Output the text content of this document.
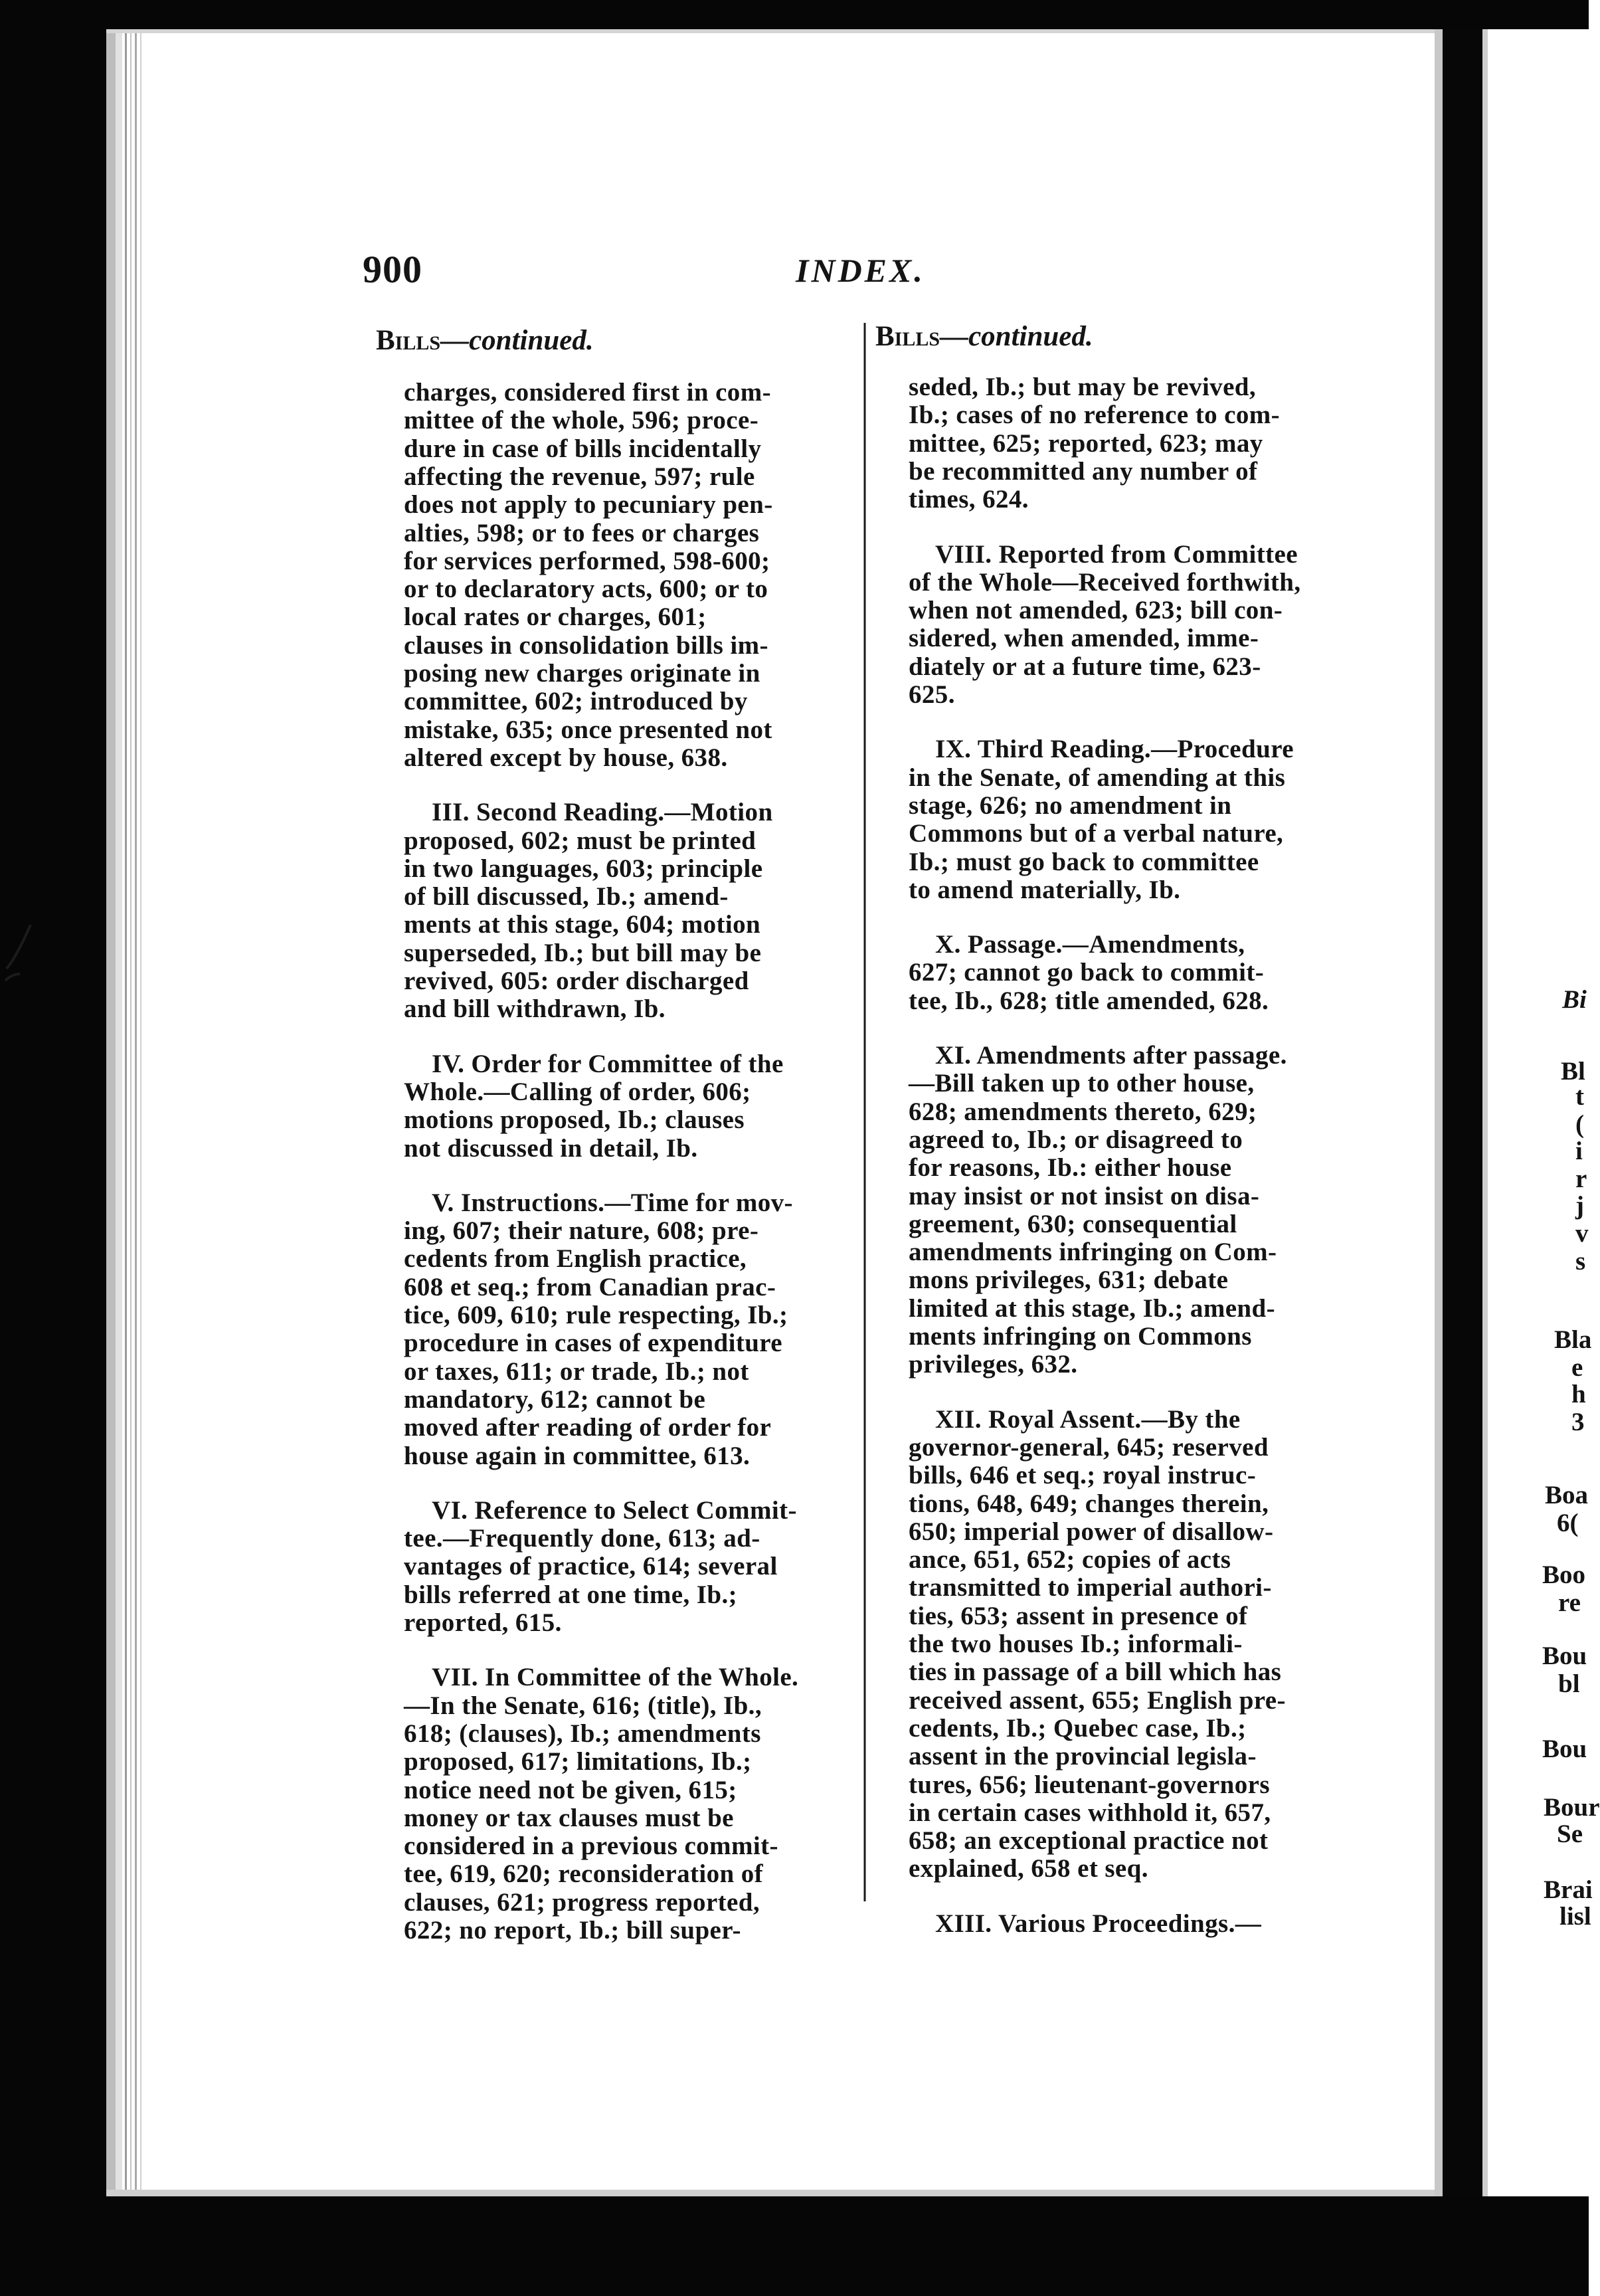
900	INDEX.
Bills—continued.	Bills—continued.
charges, considered first in com-
mittee of the whole, 596; proce-
dure in case of bills incidentally
affecting the revenue, 597; rule
does not apply to pecuniary pen-
alties, 598; or to fees or charges
for services performed, 598-600;
or to declaratory acts, 600; or to
local rates or charges, 601;
clauses in consolidation bills im-
posing new charges originate in
committee, 602; introduced by
mistake, 635; once presented not
altered except by house, 638.
III. Second Reading.—Motion
proposed, 602; must be printed
in two languages, 603; principle
of bill discussed, Ib.; amend-
ments at this stage, 604; motion
superseded, Ib.; but bill may be
revived, 605: order discharged
and bill withdrawn, Ib.
IV. Order for Committee of the
Whole.—Calling of order, 606;
motions proposed, Ib.; clauses
not discussed in detail, Ib.
V. Instructions.—Time for mov-
ing, 607; their nature, 608; pre-
cedents from English practice,
608 et seq.; from Canadian prac-
tice, 609, 610; rule respecting, Ib.;
procedure in cases of expenditure
or taxes, 611; or trade, Ib.; not
mandatory, 612; cannot be
moved after reading of order for
house again in committee, 613.
VI. Reference to Select Commit-
tee.—Frequently done, 613; ad-
vantages of practice, 614; several
bills referred at one time, Ib.;
reported, 615.
VII. In Committee of the Whole.
—In the Senate, 616; (title), Ib.,
618; (clauses), Ib.; amendments
proposed, 617; limitations, Ib.;
notice need not be given, 615;
money or tax clauses must be
considered in a previous commit-
tee, 619, 620; reconsideration of
clauses, 621; progress reported,
622; no report, Ib.; bill super-
seded, Ib.; but may be revived,
Ib.; cases of no reference to com-
mittee, 625; reported, 623; may
be recommitted any number of
times, 624.
VIII. Reported from Committee
of the Whole—Received forthwith,
when not amended, 623; bill con-
sidered, when amended, imme-
diately or at a future time, 623-
625.
IX. Third Reading.—Procedure
in the Senate, of amending at this
stage, 626; no amendment in
Commons but of a verbal nature,
Ib.; must go back to committee
to amend materially, Ib.
X. Passage.—Amendments,
627; cannot go back to commit-
tee, Ib., 628; title amended, 628.
XI. Amendments after passage.
—Bill taken up to other house,
628; amendments thereto, 629;
agreed to, Ib.; or disagreed to
for reasons, Ib.: either house
may insist or not insist on disa-
greement, 630; consequential
amendments infringing on Com-
mons privileges, 631; debate
limited at this stage, Ib.; amend-
ments infringing on Commons
privileges, 632.
XII. Royal Assent.—By the
governor-general, 645; reserved
bills, 646 et seq.; royal instruc-
tions, 648, 649; changes therein,
650; imperial power of disallow-
ance, 651, 652; copies of acts
transmitted to imperial authori-
ties, 653; assent in presence of
the two houses Ib.; informali-
ties in passage of a bill which has
received assent, 655; English pre-
cedents, Ib.; Quebec case, Ib.;
assent in the provincial legisla-
tures, 656; lieutenant-governors
in certain cases withhold it, 657,
658; an exceptional practice not
explained, 658 et seq.
XIII. Various Proceedings.—
Bi
Bl
t
(
i
r
j
v
s
Bla
e
h
3
Boa
6(
Boo
re
Bou
bl
Bou
Bour
Se
Brai
lisl
